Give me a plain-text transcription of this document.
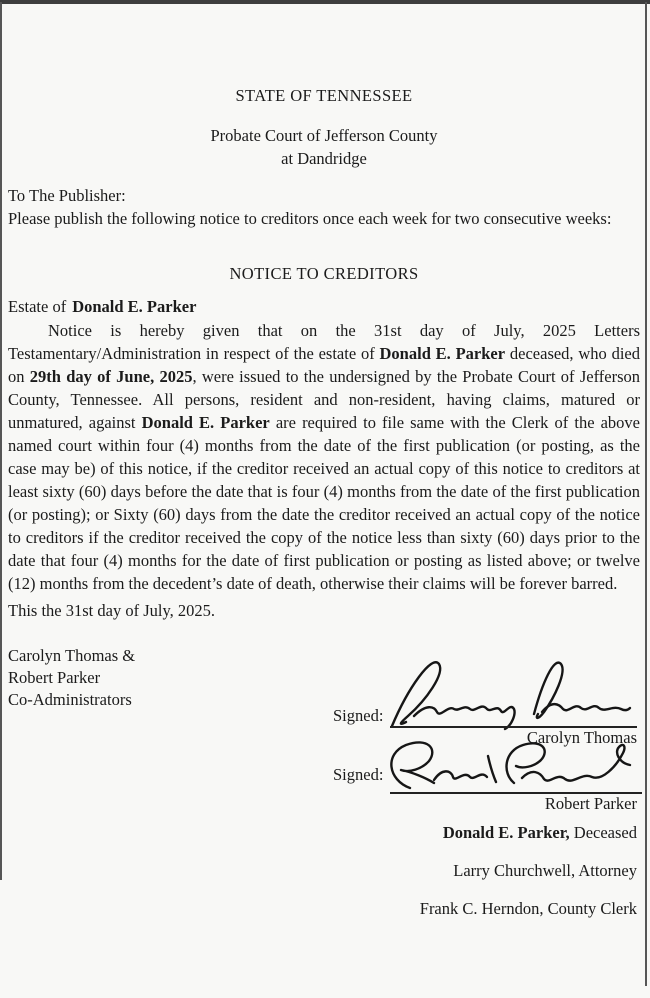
STATE OF TENNESSEE
Probate Court of Jefferson County
at Dandridge
To The Publisher:
Please publish the following notice to creditors once each week for two consecutive weeks:
NOTICE TO CREDITORS
Estate of Donald E. Parker

Notice is hereby given that on the 31st day of July, 2025 Letters Testamentary/Administration in respect of the estate of Donald E. Parker deceased, who died on 29th day of June, 2025, were issued to the undersigned by the Probate Court of Jefferson County, Tennessee. All persons, resident and non-resident, having claims, matured or unmatured, against Donald E. Parker are required to file same with the Clerk of the above named court within four (4) months from the date of the first publication (or posting, as the case may be) of this notice, if the creditor received an actual copy of this notice to creditors at least sixty (60) days before the date that is four (4) months from the date of the first publication (or posting); or Sixty (60) days from the date the creditor received an actual copy of the notice to creditors if the creditor received the copy of the notice less than sixty (60) days prior to the date that four (4) months for the date of first publication or posting as listed above; or twelve (12) months from the decedent’s date of death, otherwise their claims will be forever barred.

This the 31st day of July, 2025.
Carolyn Thomas &
Robert Parker
Co-Administrators
Signed:
Carolyn Thomas
Signed:
Robert Parker
Donald E. Parker, Deceased
Larry Churchwell, Attorney
Frank C. Herndon, County Clerk
